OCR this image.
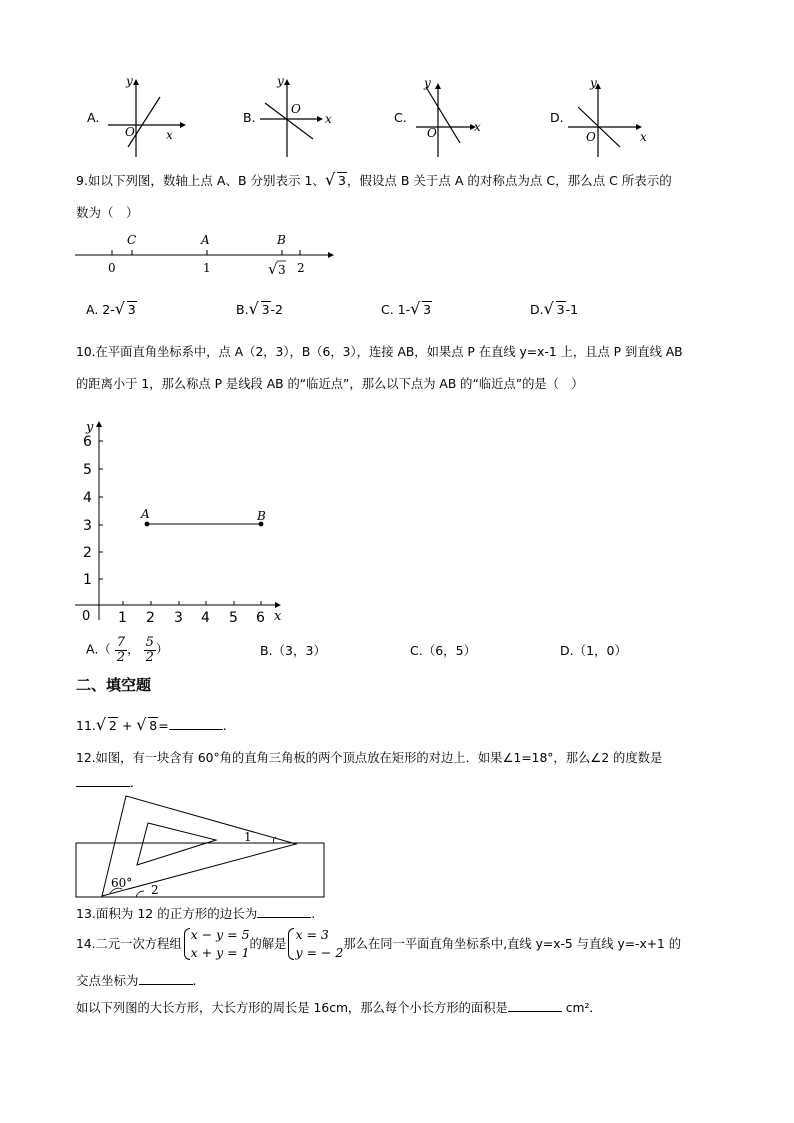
A.
y
x
O
B.
y
x
O
C.
y
x
O
D.
y
x
O
9.如以下列图，数轴上点 A、B 分别表示 1、 √ 3，假设点 B 关于点 A 的对称点为点 C，那么点 C 所表示的
数为（　）
C	A	B
0	1	2
√ 3
A. 2- √ 3	B. √ 3-2	C. 1- √ 3	D. √ 3-1
10.在平面直角坐标系中，点 A（2，3），B（6，3），连接 AB，如果点 P 在直线 y=x-1 上，且点 P 到直线 AB
的距离小于 1，那么称点 P 是线段 AB 的“临近点”，那么以下点为 AB 的“临近点”的是（　）
y
x
6
5
4
3
2
1
1 2 3 4 5 6
0
A	B
$A.( \frac{7}{2}$ ， $\frac{5}{2}$ ）	B.（3，3）	C.（6，5）	D.（1，0）
二、填空题
11. √ 2 + √ 8=	.
12.如图，有一块含有 60°角的直角三角板的两个顶点放在矩形的对边上．如果∠1=18°，那么∠2 的度数是
．
1
2
60°
13.面积为 12 的正方形的边长为	.
14.二元一次方程组
x − y = 5
x + y = 1
的解是
x = 3
y = − 2
那么在同一平面直角坐标系中,直线 y=x-5 与直线 y=-x+1 的
交点坐标为	.
如以下列图的大长方形，大长方形的周长是 16cm，那么每个小长方形的面积是	cm²．
